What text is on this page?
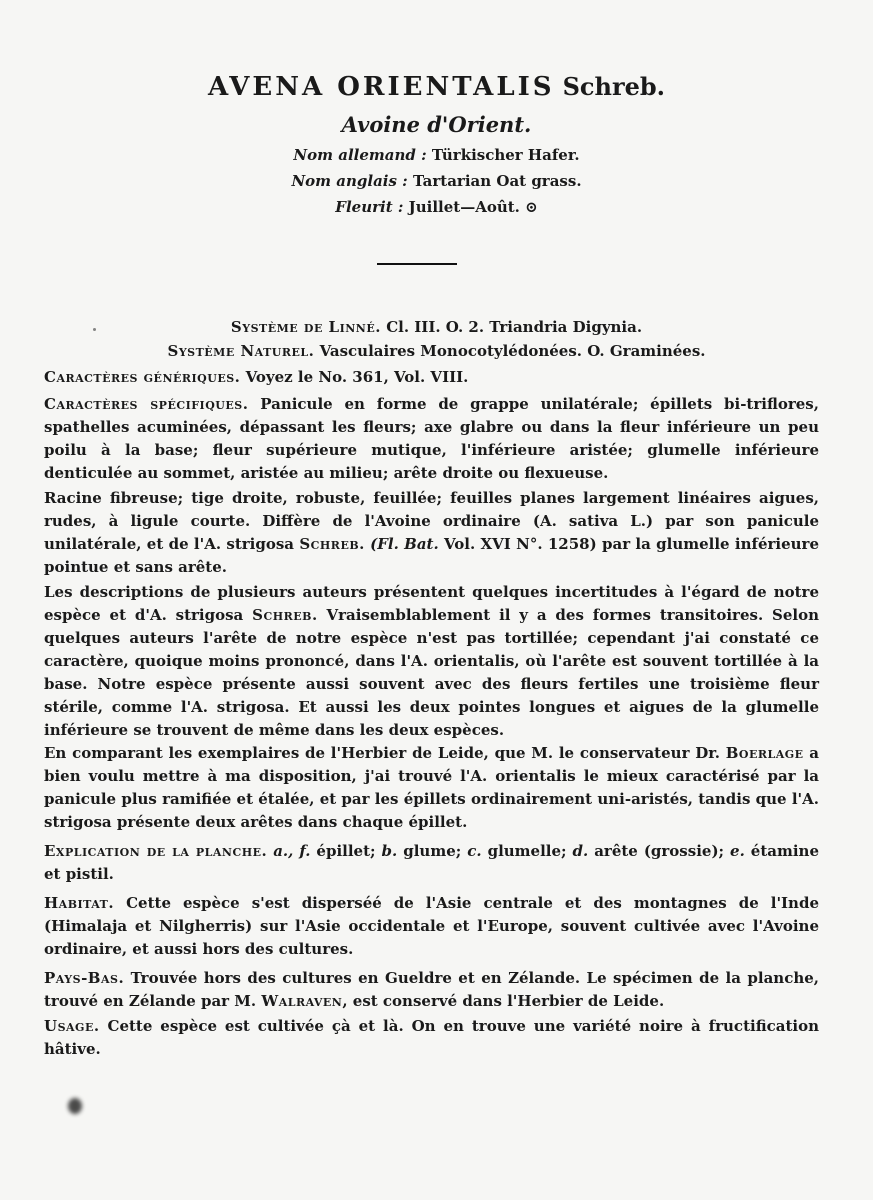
AVENA ORIENTALIS Schreb.
Avoine d'Orient.
Nom allemand : Türkischer Hafer.
Nom anglais : Tartarian Oat grass.
Fleurit : Juillet—Août. ⊙
Système de Linné. Cl. III. O. 2. Triandria Digynia.
Système Naturel. Vasculaires Monocotylédonées. O. Graminées.

Caractères génériques. Voyez le No. 361, Vol. VIII.

Caractères spécifiques. Panicule en forme de grappe unilatérale; épillets bi-triflores, spathelles acuminées, dépassant les fleurs; axe glabre ou dans la fleur inférieure un peu poilu à la base; fleur supérieure mutique, l'inférieure aristée; glumelle inférieure denticulée au sommet, aristée au milieu; arête droite ou flexueuse.

Racine fibreuse; tige droite, robuste, feuillée; feuilles planes largement linéaires aigues, rudes, à ligule courte. Diffère de l'Avoine ordinaire (A. sativa L.) par son panicule unilatérale, et de l'A. strigosa Schreb. (Fl. Bat. Vol. XVI N°. 1258) par la glumelle inférieure pointue et sans arête.

Les descriptions de plusieurs auteurs présentent quelques incertitudes à l'égard de notre espèce et d'A. strigosa Schreb. Vraisemblablement il y a des formes transitoires. Selon quelques auteurs l'arête de notre espèce n'est pas tortillée; cependant j'ai constaté ce caractère, quoique moins prononcé, dans l'A. orientalis, où l'arête est souvent tortillée à la base. Notre espèce présente aussi souvent avec des fleurs fertiles une troisième fleur stérile, comme l'A. strigosa. Et aussi les deux pointes longues et aigues de la glumelle inférieure se trouvent de même dans les deux espèces.

En comparant les exemplaires de l'Herbier de Leide, que M. le conservateur Dr. Boerlage a bien voulu mettre à ma disposition, j'ai trouvé l'A. orientalis le mieux caractérisé par la panicule plus ramifiée et étalée, et par les épillets ordinairement uni-aristés, tandis que l'A. strigosa présente deux arêtes dans chaque épillet.

Explication de la planche. a., f. épillet; b. glume; c. glumelle; d. arête (grossie); e. étamine et pistil.

Habitat. Cette espèce s'est disperséé de l'Asie centrale et des montagnes de l'Inde (Himalaja et Nilgherris) sur l'Asie occidentale et l'Europe, souvent cultivée avec l'Avoine ordinaire, et aussi hors des cultures.

Pays-Bas. Trouvée hors des cultures en Gueldre et en Zélande. Le spécimen de la planche, trouvé en Zélande par M. Walraven, est conservé dans l'Herbier de Leide.

Usage. Cette espèce est cultivée çà et là. On en trouve une variété noire à fructification hâtive.
